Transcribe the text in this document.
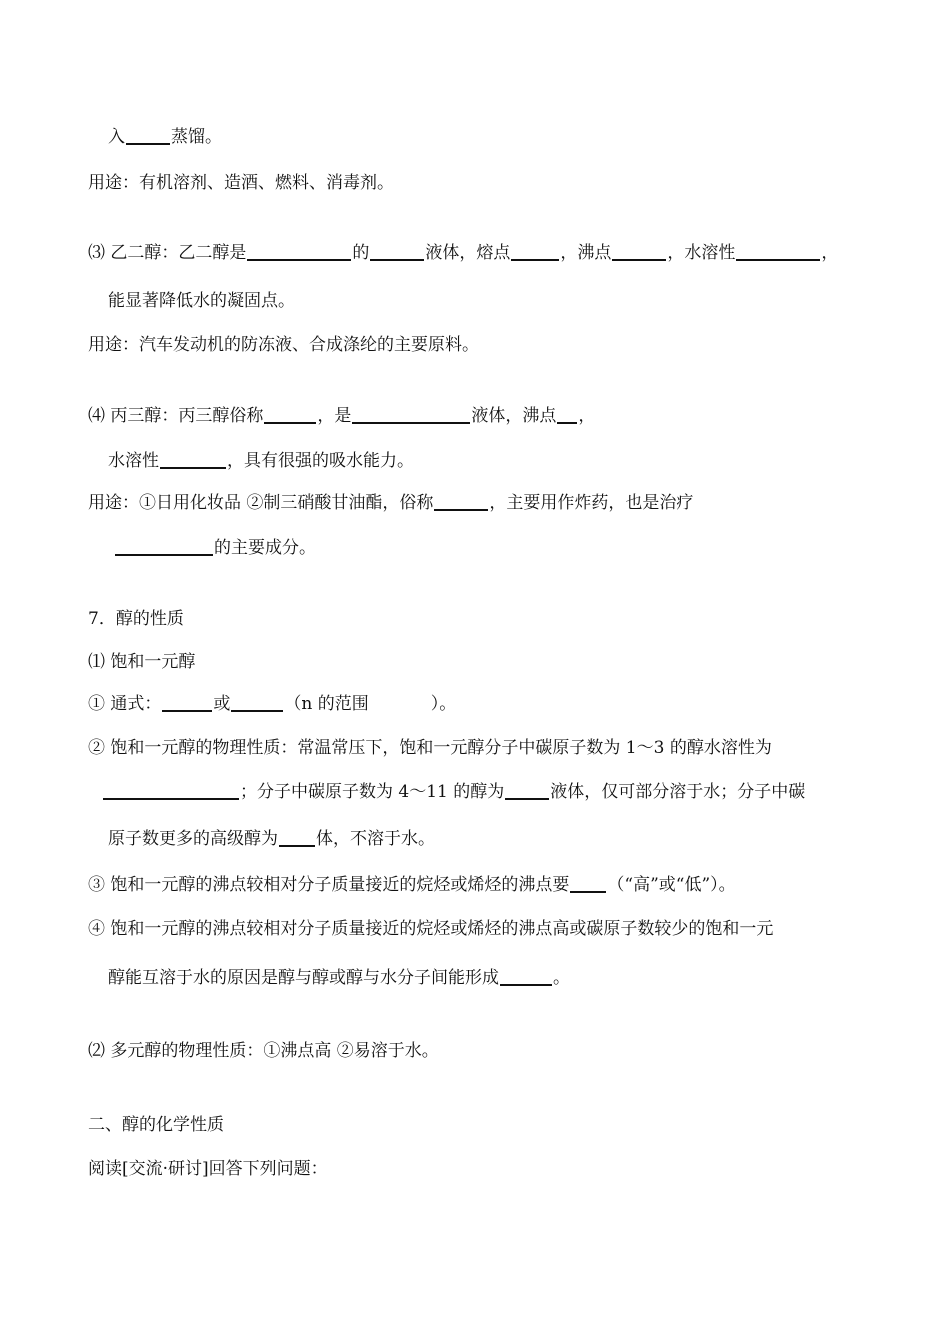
入	蒸馏。
用途：有机溶剂、造酒、燃料、消毒剂。
⑶ 乙二醇：乙二醇是	的	液体，熔点	，沸点	，水溶性	，
能显著降低水的凝固点。
用途：汽车发动机的防冻液、合成涤纶的主要原料。
⑷ 丙三醇：丙三醇俗称	，是	液体，沸点 ，
水溶性	，具有很强的吸水能力。
用途：①日用化妆品 ②制三硝酸甘油酯，俗称	，主要用作炸药，也是治疗
的主要成分。
7．醇的性质
⑴ 饱和一元醇
① 通式：	或	（n 的范围	）。
② 饱和一元醇的物理性质：常温常压下，饱和一元醇分子中碳原子数为 1～3 的醇水溶性为
；分子中碳原子数为 4～11 的醇为	液体，仅可部分溶于水；分子中碳
原子数更多的高级醇为 体，不溶于水。
③ 饱和一元醇的沸点较相对分子质量接近的烷烃或烯烃的沸点要 （“高”或“低”）。
④ 饱和一元醇的沸点较相对分子质量接近的烷烃或烯烃的沸点高或碳原子数较少的饱和一元
醇能互溶于水的原因是醇与醇或醇与水分子间能形成	。
⑵ 多元醇的物理性质：①沸点高 ②易溶于水。
二、醇的化学性质
阅读[交流·研讨]回答下列问题：
